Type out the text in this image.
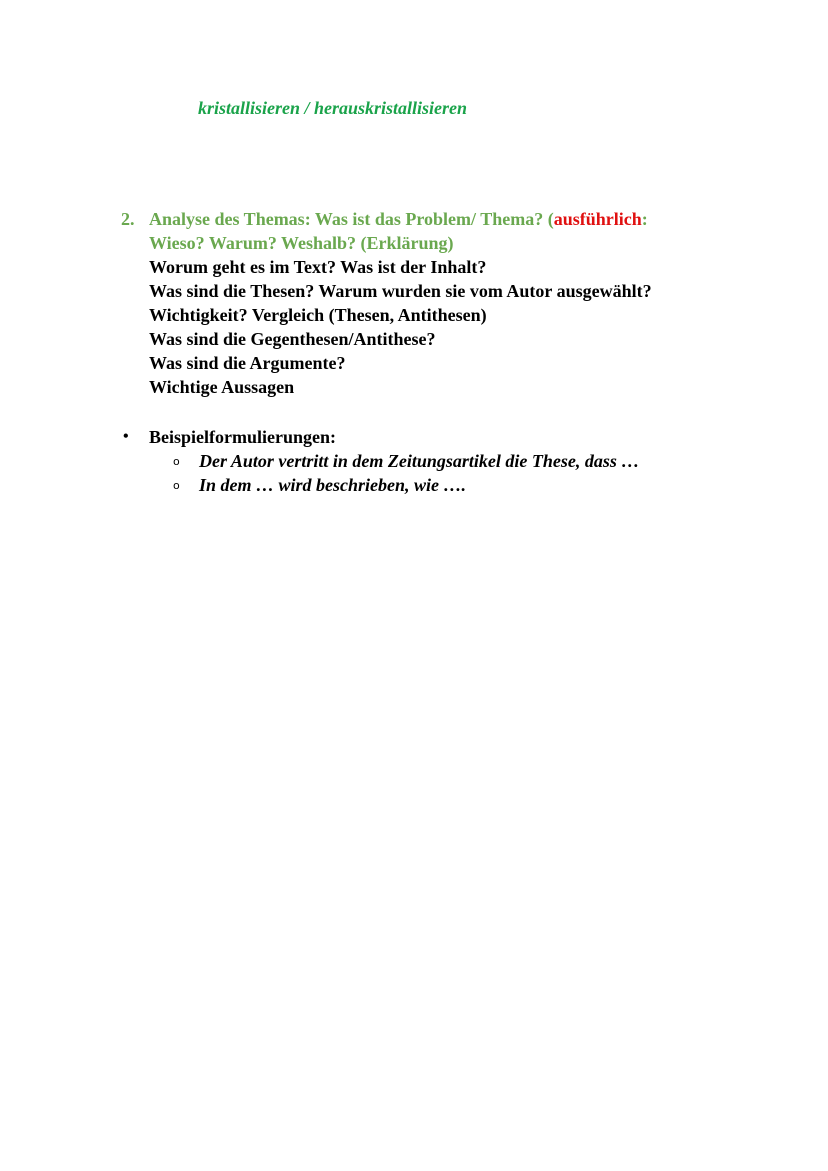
kristallisieren / herauskristallisieren
2. Analyse des Themas: Was ist das Problem/ Thema? (ausführlich:
Wieso? Warum? Weshalb? (Erklärung)
Worum geht es im Text? Was ist der Inhalt?
Was sind die Thesen? Warum wurden sie vom Autor ausgewählt?
Wichtigkeit? Vergleich (Thesen, Antithesen)
Was sind die Gegenthesen/Antithese?
Was sind die Argumente?
Wichtige Aussagen
• Beispielformulierungen:
o Der Autor vertritt in dem Zeitungsartikel die These, dass …
o In dem … wird beschrieben, wie ….
